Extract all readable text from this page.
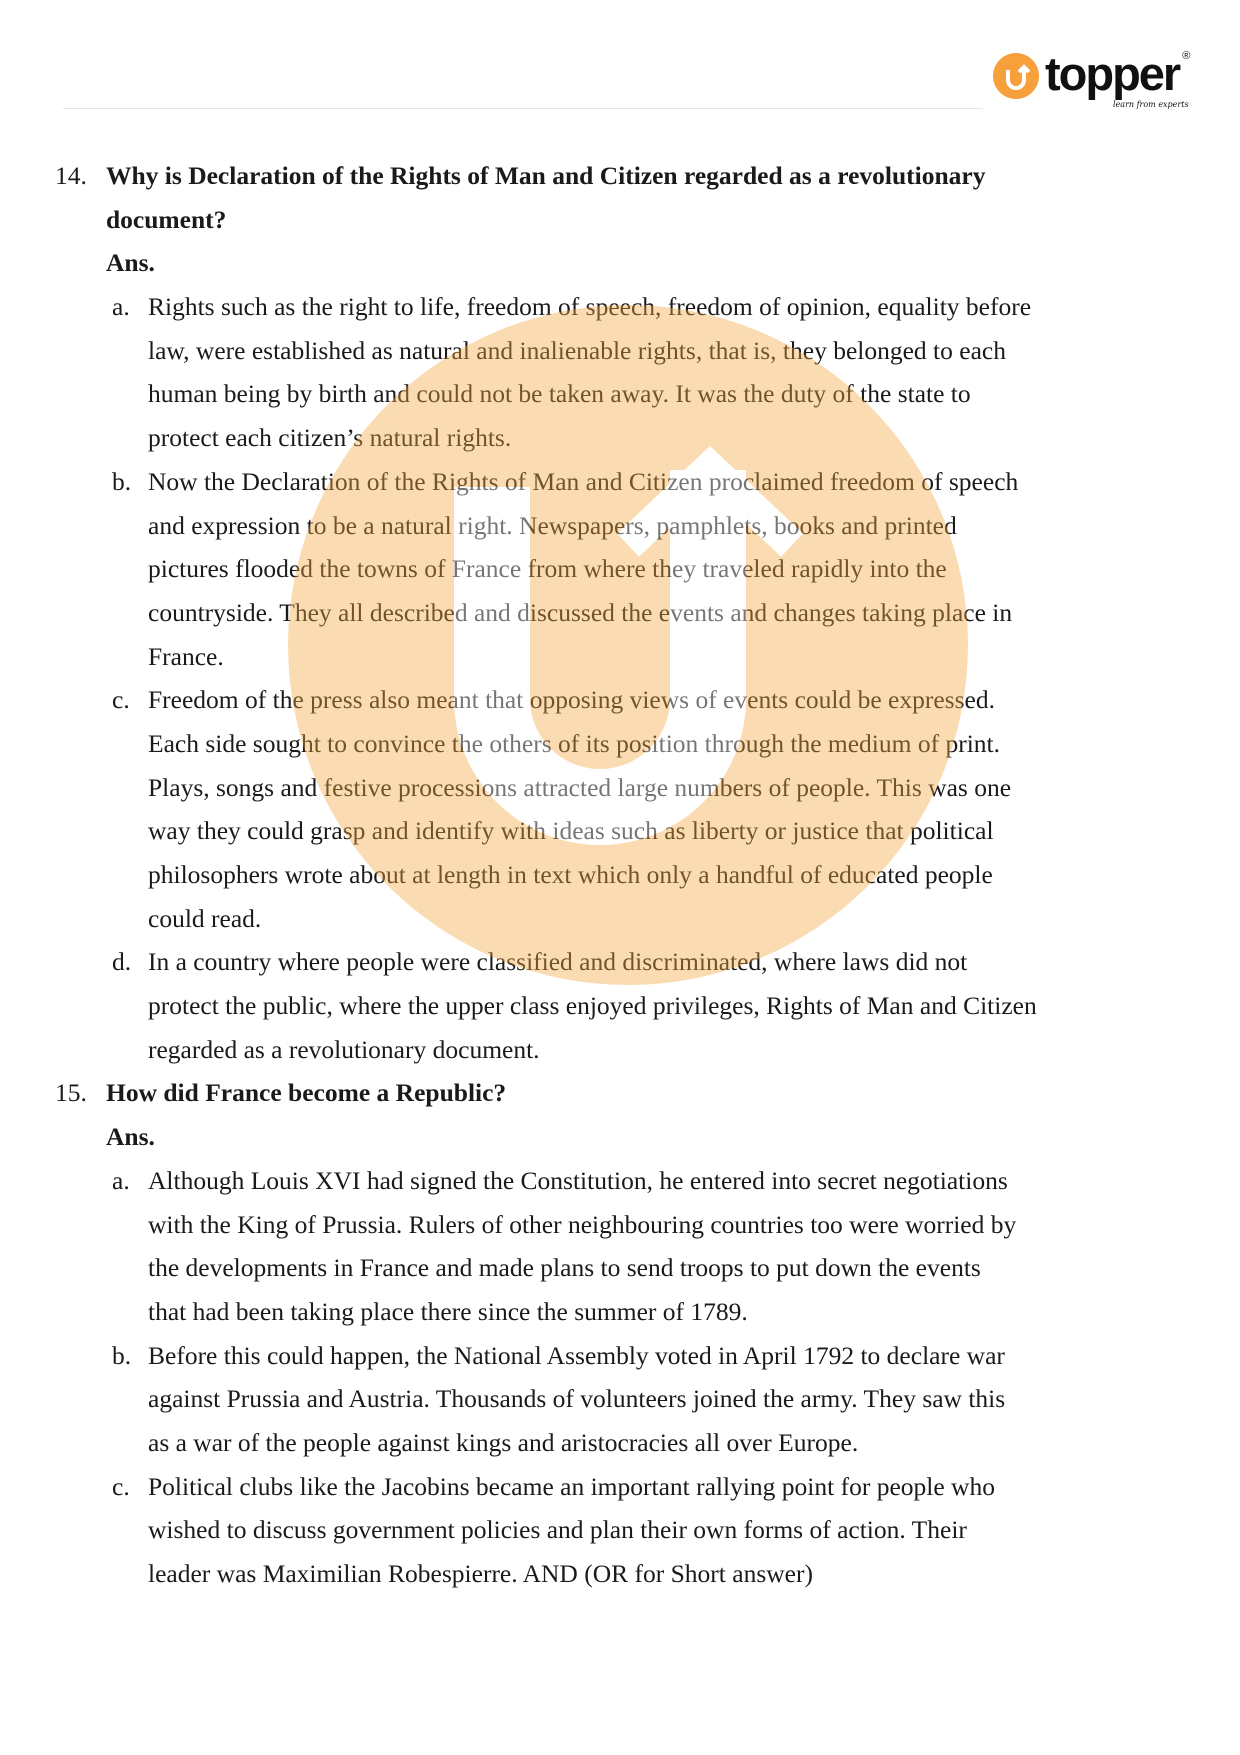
topper ®
learn from experts
14. Why is Declaration of the Rights of Man and Citizen regarded as a revolutionary
document?
Ans.
a. Rights such as the right to life, freedom of speech, freedom of opinion, equality before
law, were established as natural and inalienable rights, that is, they belonged to each
human being by birth and could not be taken away. It was the duty of the state to
protect each citizen’s natural rights.
b. Now the Declaration of the Rights of Man and Citizen proclaimed freedom of speech
and expression to be a natural right. Newspapers, pamphlets, books and printed
pictures flooded the towns of France from where they traveled rapidly into the
countryside. They all described and discussed the events and changes taking place in
France.
c. Freedom of the press also meant that opposing views of events could be expressed.
Each side sought to convince the others of its position through the medium of print.
Plays, songs and festive processions attracted large numbers of people. This was one
way they could grasp and identify with ideas such as liberty or justice that political
philosophers wrote about at length in text which only a handful of educated people
could read.
d. In a country where people were classified and discriminated, where laws did not
protect the public, where the upper class enjoyed privileges, Rights of Man and Citizen
regarded as a revolutionary document.
15. How did France become a Republic?
Ans.
a. Although Louis XVI had signed the Constitution, he entered into secret negotiations
with the King of Prussia. Rulers of other neighbouring countries too were worried by
the developments in France and made plans to send troops to put down the events
that had been taking place there since the summer of 1789.
b. Before this could happen, the National Assembly voted in April 1792 to declare war
against Prussia and Austria. Thousands of volunteers joined the army. They saw this
as a war of the people against kings and aristocracies all over Europe.
c. Political clubs like the Jacobins became an important rallying point for people who
wished to discuss government policies and plan their own forms of action. Their
leader was Maximilian Robespierre. AND (OR for Short answer)
